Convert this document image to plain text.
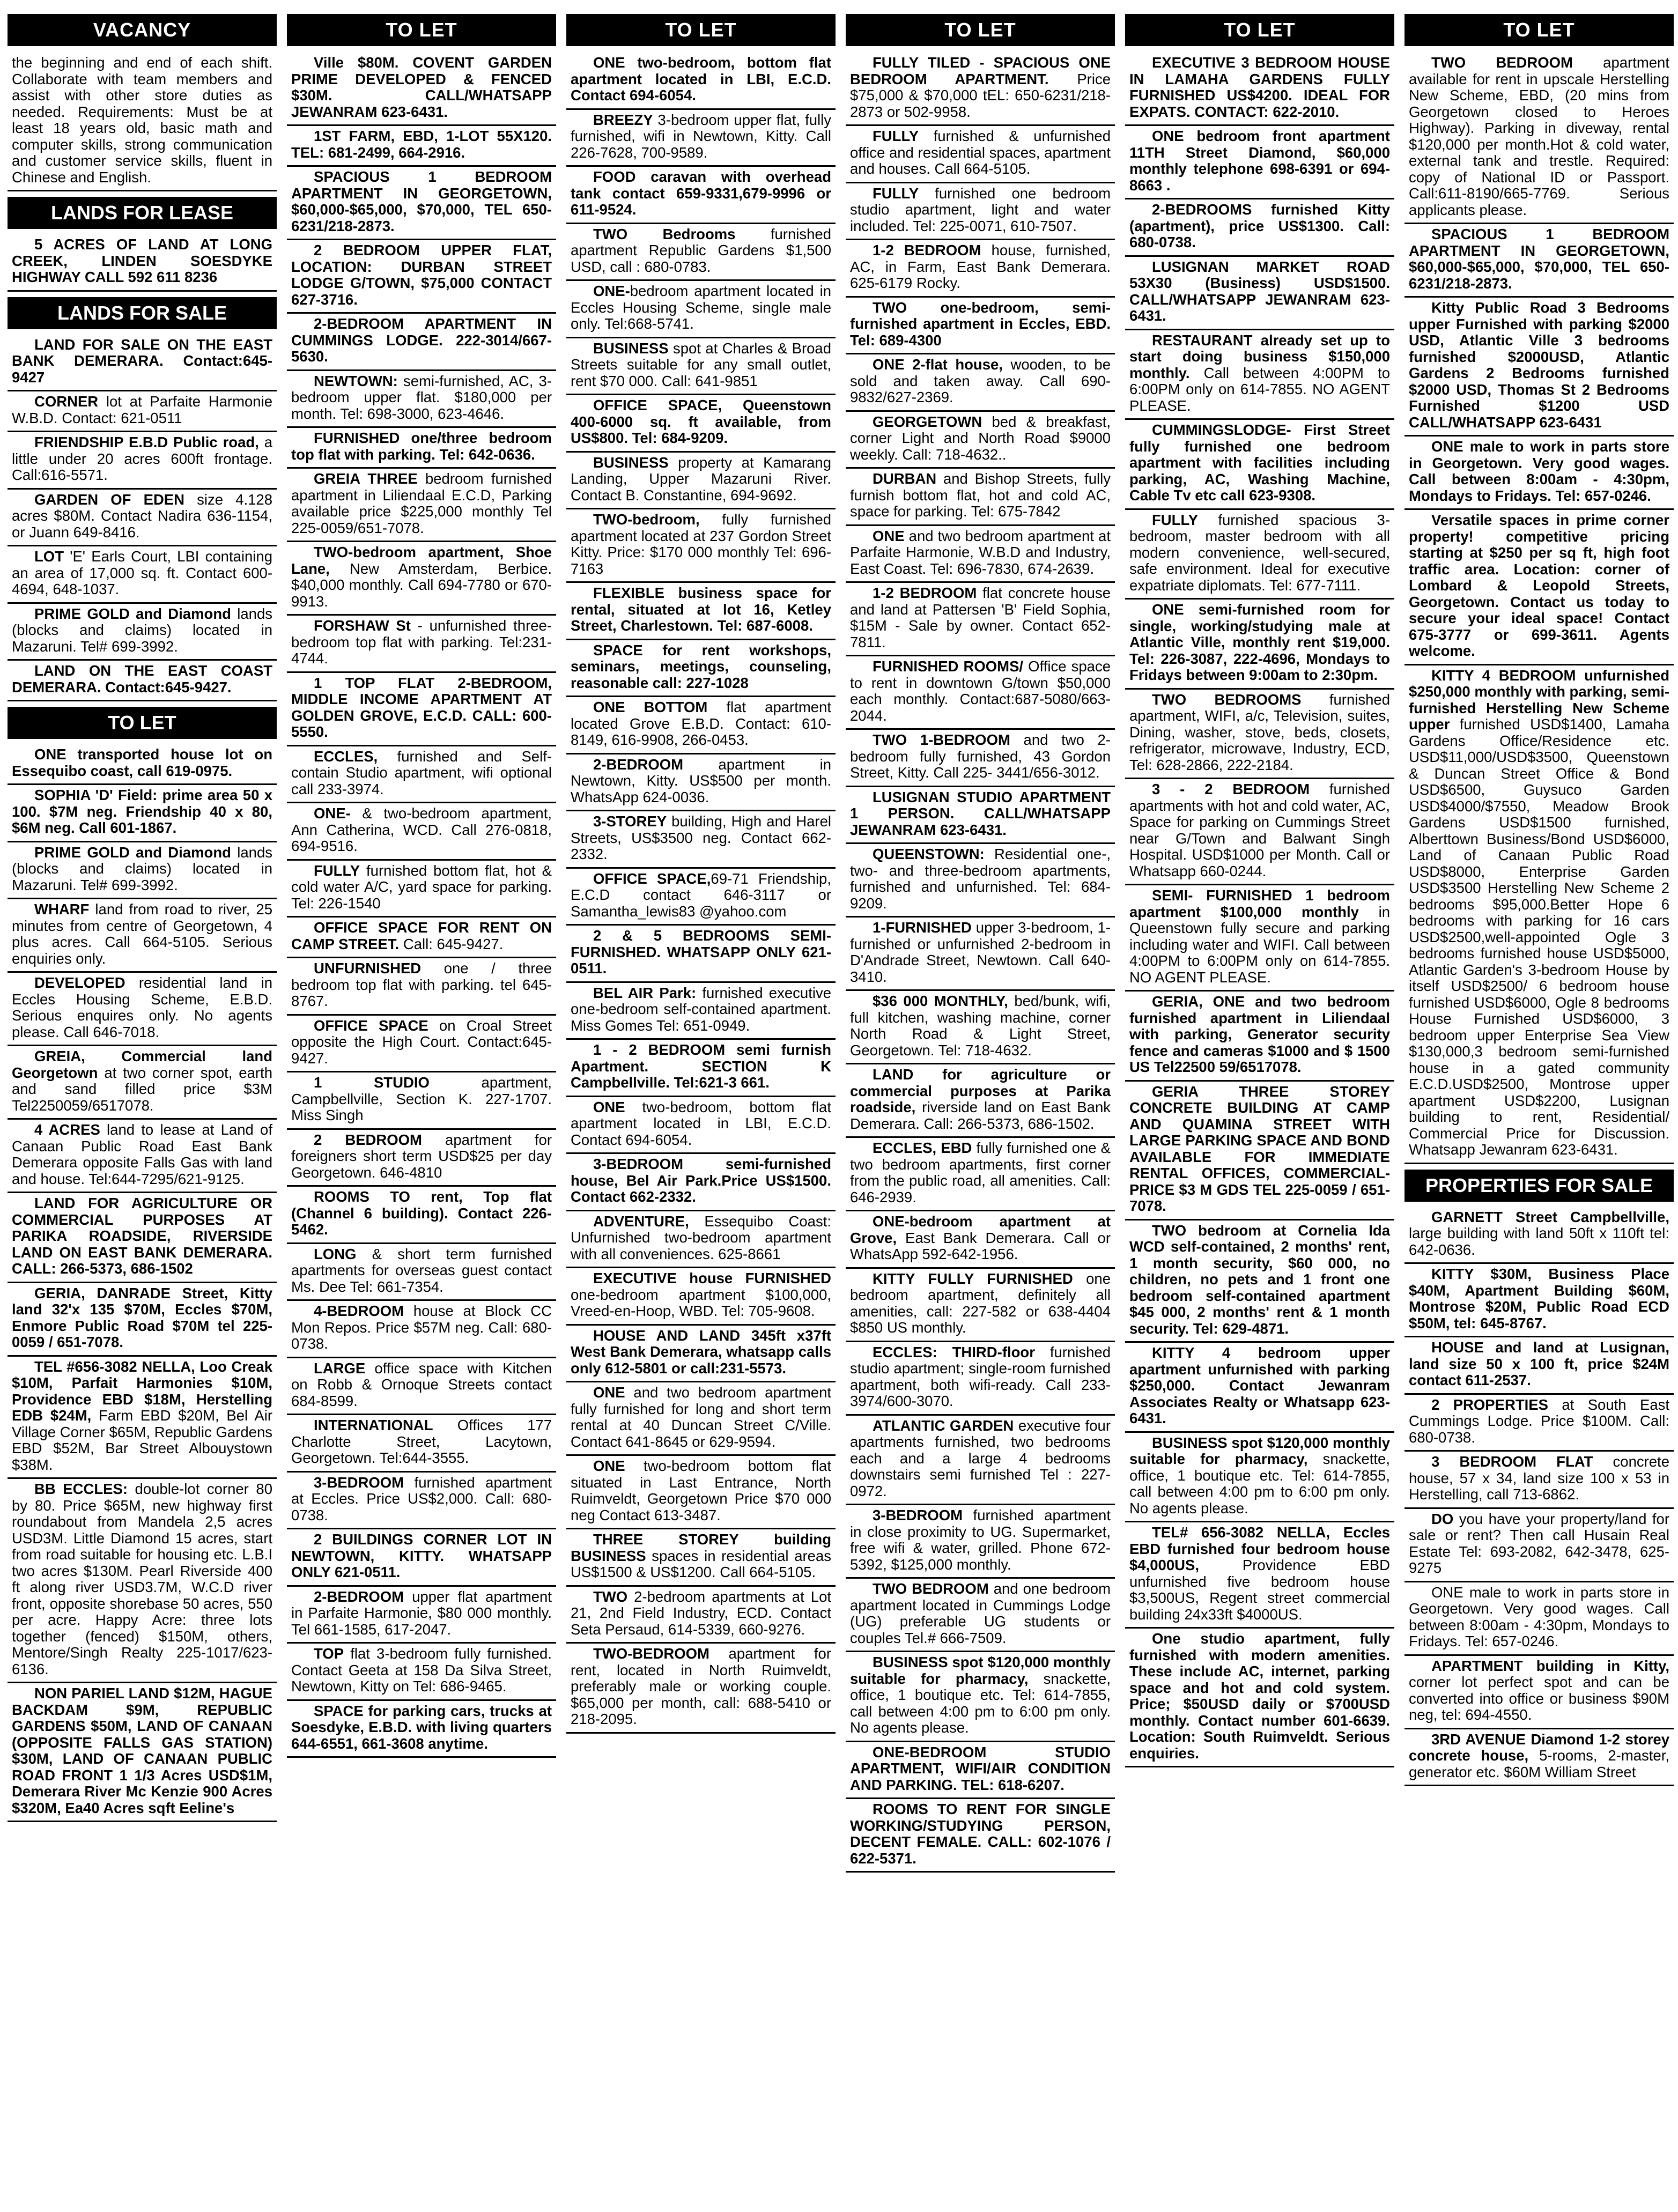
VACANCY
the beginning and end of each shift. Collaborate with team members and assist with other store duties as needed. Requirements: Must be at least 18 years old, basic math and computer skills, strong communication and customer service skills, fluent in Chinese and English.
LANDS FOR LEASE
5 ACRES OF LAND AT LONG CREEK, LINDEN SOESDYKE HIGHWAY CALL 592 611 8236
LANDS FOR SALE
LAND FOR SALE ON THE EAST BANK DEMERARA. Contact:645-9427
CORNER lot at Parfaite Harmonie W.B.D. Contact: 621-0511
FRIENDSHIP E.B.D Public road, a little under 20 acres 600ft frontage. Call:616-5571.
GARDEN OF EDEN size 4.128 acres $80M. Contact Nadira 636-1154, or Juann 649-8416.
LOT 'E' Earls Court, LBI containing an area of 17,000 sq. ft. Contact 600-4694, 648-1037.
PRIME GOLD and Diamond lands (blocks and claims) located in Mazaruni. Tel# 699-3992.
LAND ON THE EAST COAST DEMERARA. Contact:645-9427.
TO LET
ONE transported house lot on Essequibo coast, call 619-0975.
SOPHIA 'D' Field: prime area 50 x 100. $7M neg. Friendship 40 x 80, $6M neg. Call 601-1867.
PRIME GOLD and Diamond lands (blocks and claims) located in Mazaruni. Tel# 699-3992.
WHARF land from road to river, 25 minutes from centre of Georgetown, 4 plus acres. Call 664-5105. Serious enquiries only.
DEVELOPED residential land in Eccles Housing Scheme, E.B.D. Serious enquires only. No agents please. Call 646-7018.
GREIA, Commercial land Georgetown at two corner spot, earth and sand filled price $3M Tel2250059/6517078.
4 ACRES land to lease at Land of Canaan Public Road East Bank Demerara opposite Falls Gas with land and house. Tel:644-7295/621-9125.
LAND FOR AGRICULTURE OR COMMERCIAL PURPOSES AT PARIKA ROADSIDE, RIVERSIDE LAND ON EAST BANK DEMERARA. CALL: 266-5373, 686-1502
GERIA, DANRADE Street, Kitty land 32'x 135 $70M, Eccles $70M, Enmore Public Road $70M tel 225-0059 / 651-7078.
TEL #656-3082 NELLA, Loo Creak $10M, Parfait Harmonies $10M, Providence EBD $18M, Herstelling EDB $24M, Farm EBD $20M, Bel Air Village Corner $65M, Republic Gardens EBD $52M, Bar Street Albouystown $38M.
BB ECCLES: double-lot corner 80 by 80. Price $65M, new highway first roundabout from Mandela 2,5 acres USD3M. Little Diamond 15 acres, start from road suitable for housing etc. L.B.I two acres $130M. Pearl Riverside 400 ft along river USD3.7M, W.C.D river front, opposite shorebase 50 acres, 550 per acre. Happy Acre: three lots together (fenced) $150M, others, Mentore/Singh Realty 225-1017/623-6136.
NON PARIEL LAND $12M, HAGUE BACKDAM $9M, REPUBLIC GARDENS $50M, LAND OF CANAAN (OPPOSITE FALLS GAS STATION) $30M, LAND OF CANAAN PUBLIC ROAD FRONT 1 1/3 Acres USD$1M, Demerara River Mc Kenzie 900 Acres $320M, Ea40 Acres sqft Eeline's
TO LET
Ville $80M. COVENT GARDEN PRIME DEVELOPED & FENCED $30M. CALL/WHATSAPP JEWANRAM 623-6431.
1ST FARM, EBD, 1-LOT 55X120. TEL: 681-2499, 664-2916.
SPACIOUS 1 BEDROOM APARTMENT IN GEORGETOWN, $60,000-$65,000, $70,000, TEL 650-6231/218-2873.
2 BEDROOM UPPER FLAT, LOCATION: DURBAN STREET LODGE G/TOWN, $75,000 CONTACT 627-3716.
2-BEDROOM APARTMENT IN CUMMINGS LODGE. 222-3014/667-5630.
NEWTOWN: semi-furnished, AC, 3-bedroom upper flat. $180,000 per month. Tel: 698-3000, 623-4646.
FURNISHED one/three bedroom top flat with parking. Tel: 642-0636.
GREIA THREE bedroom furnished apartment in Liliendaal E.C.D, Parking available price $225,000 monthly Tel 225-0059/651-7078.
TWO-bedroom apartment, Shoe Lane, New Amsterdam, Berbice. $40,000 monthly. Call 694-7780 or 670-9913.
FORSHAW St - unfurnished three-bedroom top flat with parking. Tel:231-4744.
1 TOP FLAT 2-BEDROOM, MIDDLE INCOME APARTMENT AT GOLDEN GROVE, E.C.D. CALL: 600-5550.
ECCLES, furnished and Self-contain Studio apartment, wifi optional call 233-3974.
ONE- & two-bedroom apartment, Ann Catherina, WCD. Call 276-0818, 694-9516.
FULLY furnished bottom flat, hot & cold water A/C, yard space for parking. Tel: 226-1540
OFFICE SPACE FOR RENT ON CAMP STREET. Call: 645-9427.
UNFURNISHED one / three bedroom top flat with parking. tel 645-8767.
OFFICE SPACE on Croal Street opposite the High Court. Contact:645-9427.
1 STUDIO apartment, Campbellville, Section K. 227-1707. Miss Singh
2 BEDROOM apartment for foreigners short term USD$25 per day Georgetown. 646-4810
ROOMS TO rent, Top flat (Channel 6 building). Contact 226-5462.
LONG & short term furnished apartments for overseas guest contact Ms. Dee Tel: 661-7354.
4-BEDROOM house at Block CC Mon Repos. Price $57M neg. Call: 680-0738.
LARGE office space with Kitchen on Robb & Ornoque Streets contact 684-8599.
INTERNATIONAL Offices 177 Charlotte Street, Lacytown, Georgetown. Tel:644-3555.
3-BEDROOM furnished apartment at Eccles. Price US$2,000. Call: 680-0738.
2 BUILDINGS CORNER LOT IN NEWTOWN, KITTY. WHATSAPP ONLY 621-0511.
2-BEDROOM upper flat apartment in Parfaite Harmonie, $80 000 monthly. Tel 661-1585, 617-2047.
TOP flat 3-bedroom fully furnished. Contact Geeta at 158 Da Silva Street, Newtown, Kitty on Tel: 686-9465.
SPACE for parking cars, trucks at Soesdyke, E.B.D. with living quarters 644-6551, 661-3608 anytime.
TO LET
ONE two-bedroom, bottom flat apartment located in LBI, E.C.D. Contact 694-6054.
BREEZY 3-bedroom upper flat, fully furnished, wifi in Newtown, Kitty. Call 226-7628, 700-9589.
FOOD caravan with overhead tank contact 659-9331,679-9996 or 611-9524.
TWO Bedrooms furnished apartment Republic Gardens $1,500 USD, call : 680-0783.
ONE-bedroom apartment located in Eccles Housing Scheme, single male only. Tel:668-5741.
BUSINESS spot at Charles & Broad Streets suitable for any small outlet, rent $70 000. Call: 641-9851
OFFICE SPACE, Queenstown 400-6000 sq. ft available, from US$800. Tel: 684-9209.
BUSINESS property at Kamarang Landing, Upper Mazaruni River. Contact B. Constantine, 694-9692.
TWO-bedroom, fully furnished apartment located at 237 Gordon Street Kitty. Price: $170 000 monthly Tel: 696-7163
FLEXIBLE business space for rental, situated at lot 16, Ketley Street, Charlestown. Tel: 687-6008.
SPACE for rent workshops, seminars, meetings, counseling, reasonable call: 227-1028
ONE BOTTOM flat apartment located Grove E.B.D. Contact: 610-8149, 616-9908, 266-0453.
2-BEDROOM apartment in Newtown, Kitty. US$500 per month. WhatsApp 624-0036.
3-STOREY building, High and Harel Streets, US$3500 neg. Contact 662-2332.
OFFICE SPACE,69-71 Friendship, E.C.D contact 646-3117 or Samantha_lewis83 @yahoo.com
2 & 5 BEDROOMS SEMI-FURNISHED. WHATSAPP ONLY 621-0511.
BEL AIR Park: furnished executive one-bedroom self-contained apartment. Miss Gomes Tel: 651-0949.
1 - 2 BEDROOM semi furnish Apartment. SECTION K Campbellville. Tel:621-3 661.
ONE two-bedroom, bottom flat apartment located in LBI, E.C.D. Contact 694-6054.
3-BEDROOM semi-furnished house, Bel Air Park.Price US$1500. Contact 662-2332.
ADVENTURE, Essequibo Coast: Unfurnished two-bedroom apartment with all conveniences. 625-8661
EXECUTIVE house FURNISHED one-bedroom apartment $100,000, Vreed-en-Hoop, WBD. Tel: 705-9608.
HOUSE AND LAND 345ft x37ft West Bank Demerara, whatsapp calls only 612-5801 or call:231-5573.
ONE and two bedroom apartment fully furnished for long and short term rental at 40 Duncan Street C/Ville. Contact 641-8645 or 629-9594.
ONE two-bedroom bottom flat situated in Last Entrance, North Ruimveldt, Georgetown Price $70 000 neg Contact 613-3487.
THREE STOREY building BUSINESS spaces in residential areas US$1500 & US$1200. Call 664-5105.
TWO 2-bedroom apartments at Lot 21, 2nd Field Industry, ECD. Contact Seta Persaud, 614-5339, 660-9276.
TWO-BEDROOM apartment for rent, located in North Ruimveldt, preferably male or working couple. $65,000 per month, call: 688-5410 or 218-2095.
TO LET
FULLY TILED - SPACIOUS ONE BEDROOM APARTMENT. Price $75,000 & $70,000 tEL: 650-6231/218-2873 or 502-9958.
FULLY furnished & unfurnished office and residential spaces, apartment and houses. Call 664-5105.
FULLY furnished one bedroom studio apartment, light and water included. Tel: 225-0071, 610-7507.
1-2 BEDROOM house, furnished, AC, in Farm, East Bank Demerara. 625-6179 Rocky.
TWO one-bedroom, semi-furnished apartment in Eccles, EBD. Tel: 689-4300
ONE 2-flat house, wooden, to be sold and taken away. Call 690-9832/627-2369.
GEORGETOWN bed & breakfast, corner Light and North Road $9000 weekly. Call: 718-4632..
DURBAN and Bishop Streets, fully furnish bottom flat, hot and cold AC, space for parking. Tel: 675-7842
ONE and two bedroom apartment at Parfaite Harmonie, W.B.D and Industry, East Coast. Tel: 696-7830, 674-2639.
1-2 BEDROOM flat concrete house and land at Pattersen 'B' Field Sophia, $15M - Sale by owner. Contact 652-7811.
FURNISHED ROOMS/ Office space to rent in downtown G/town $50,000 each monthly. Contact:687-5080/663-2044.
TWO 1-BEDROOM and two 2-bedroom fully furnished, 43 Gordon Street, Kitty. Call 225- 3441/656-3012.
LUSIGNAN STUDIO APARTMENT 1 PERSON. CALL/WHATSAPP JEWANRAM 623-6431.
QUEENSTOWN: Residential one-, two- and three-bedroom apartments, furnished and unfurnished. Tel: 684-9209.
1-FURNISHED upper 3-bedroom, 1-furnished or unfurnished 2-bedroom in D'Andrade Street, Newtown. Call 640-3410.
$36 000 MONTHLY, bed/bunk, wifi, full kitchen, washing machine, corner North Road & Light Street, Georgetown. Tel: 718-4632.
LAND for agriculture or commercial purposes at Parika roadside, riverside land on East Bank Demerara. Call: 266-5373, 686-1502.
ECCLES, EBD fully furnished one & two bedroom apartments, first corner from the public road, all amenities. Call: 646-2939.
ONE-bedroom apartment at Grove, East Bank Demerara. Call or WhatsApp 592-642-1956.
KITTY FULLY FURNISHED one bedroom apartment, definitely all amenities, call: 227-582 or 638-4404 $850 US monthly.
ECCLES: THIRD-floor furnished studio apartment; single-room furnished apartment, both wifi-ready. Call 233-3974/600-3070.
ATLANTIC GARDEN executive four apartments furnished, two bedrooms each and a large 4 bedrooms downstairs semi furnished Tel : 227-0972.
3-BEDROOM furnished apartment in close proximity to UG. Supermarket, free wifi & water, grilled. Phone 672-5392, $125,000 monthly.
TWO BEDROOM and one bedroom apartment located in Cummings Lodge (UG) preferable UG students or couples Tel.# 666-7509.
BUSINESS spot $120,000 monthly suitable for pharmacy, snackette, office, 1 boutique etc. Tel: 614-7855, call between 4:00 pm to 6:00 pm only. No agents please.
ONE-BEDROOM STUDIO APARTMENT, WIFI/AIR CONDITION AND PARKING. TEL: 618-6207.
ROOMS TO RENT FOR SINGLE WORKING/STUDYING PERSON, DECENT FEMALE. CALL: 602-1076 / 622-5371.
TO LET
EXECUTIVE 3 BEDROOM HOUSE IN LAMAHA GARDENS FULLY FURNISHED US$4200. IDEAL FOR EXPATS. CONTACT: 622-2010.
ONE bedroom front apartment 11TH Street Diamond, $60,000 monthly telephone 698-6391 or 694-8663 .
2-BEDROOMS furnished Kitty (apartment), price US$1300. Call: 680-0738.
LUSIGNAN MARKET ROAD 53X30 (Business) USD$1500. CALL/WHATSAPP JEWANRAM 623-6431.
RESTAURANT already set up to start doing business $150,000 monthly. Call between 4:00PM to 6:00PM only on 614-7855. NO AGENT PLEASE.
CUMMINGSLODGE- First Street fully furnished one bedroom apartment with facilities including parking, AC, Washing Machine, Cable Tv etc call 623-9308.
FULLY furnished spacious 3-bedroom, master bedroom with all modern convenience, well-secured, safe environment. Ideal for executive expatriate diplomats. Tel: 677-7111.
ONE semi-furnished room for single, working/studying male at Atlantic Ville, monthly rent $19,000. Tel: 226-3087, 222-4696, Mondays to Fridays between 9:00am to 2:30pm.
TWO BEDROOMS furnished apartment, WIFI, a/c, Television, suites, Dining, washer, stove, beds, closets, refrigerator, microwave, Industry, ECD, Tel: 628-2866, 222-2184.
3 - 2 BEDROOM furnished apartments with hot and cold water, AC, Space for parking on Cummings Street near G/Town and Balwant Singh Hospital. USD$1000 per Month. Call or Whatsapp 660-0244.
SEMI- FURNISHED 1 bedroom apartment $100,000 monthly in Queenstown fully secure and parking including water and WIFI. Call between 4:00PM to 6:00PM only on 614-7855. NO AGENT PLEASE.
GERIA, ONE and two bedroom furnished apartment in Liliendaal with parking, Generator security fence and cameras $1000 and $ 1500 US Tel22500 59/6517078.
GERIA THREE STOREY CONCRETE BUILDING AT CAMP AND QUAMINA STREET WITH LARGE PARKING SPACE AND BOND AVAILABLE FOR IMMEDIATE RENTAL OFFICES, COMMERCIAL-PRICE $3 M GDS TEL 225-0059 / 651-7078.
TWO bedroom at Cornelia Ida WCD self-contained, 2 months' rent, 1 month security, $60 000, no children, no pets and 1 front one bedroom self-contained apartment $45 000, 2 months' rent & 1 month security. Tel: 629-4871.
KITTY 4 bedroom upper apartment unfurnished with parking $250,000. Contact Jewanram Associates Realty or Whatsapp 623-6431.
BUSINESS spot $120,000 monthly suitable for pharmacy, snackette, office, 1 boutique etc. Tel: 614-7855, call between 4:00 pm to 6:00 pm only. No agents please.
TEL# 656-3082 NELLA, Eccles EBD furnished four bedroom house $4,000US, Providence EBD unfurnished five bedroom house $3,500US, Regent street commercial building 24x33ft $4000US.
One studio apartment, fully furnished with modern amenities. These include AC, internet, parking space and hot and cold system. Price; $50USD daily or $700USD monthly. Contact number 601-6639. Location: South Ruimveldt. Serious enquiries.
TO LET
TWO BEDROOM apartment available for rent in upscale Herstelling New Scheme, EBD, (20 mins from Georgetown closed to Heroes Highway). Parking in diveway, rental $120,000 per month.Hot & cold water, external tank and trestle. Required: copy of National ID or Passport. Call:611-8190/665-7769. Serious applicants please.
SPACIOUS 1 BEDROOM APARTMENT IN GEORGETOWN, $60,000-$65,000, $70,000, TEL 650-6231/218-2873.
Kitty Public Road 3 Bedrooms upper Furnished with parking $2000 USD, Atlantic Ville 3 bedrooms furnished $2000USD, Atlantic Gardens 2 Bedrooms furnished $2000 USD, Thomas St 2 Bedrooms Furnished $1200 USD CALL/WHATSAPP 623-6431
ONE male to work in parts store in Georgetown. Very good wages. Call between 8:00am - 4:30pm, Mondays to Fridays. Tel: 657-0246.
Versatile spaces in prime corner property! competitive pricing starting at $250 per sq ft, high foot traffic area. Location: corner of Lombard & Leopold Streets, Georgetown. Contact us today to secure your ideal space! Contact 675-3777 or 699-3611. Agents welcome.
KITTY 4 BEDROOM unfurnished $250,000 monthly with parking, semi-furnished Herstelling New Scheme upper furnished USD$1400, Lamaha Gardens Office/Residence etc. USD$11,000/USD$3500, Queenstown & Duncan Street Office & Bond USD$6500, Guysuco Garden USD$4000/$7550, Meadow Brook Gardens USD$1500 furnished, Alberttown Business/Bond USD$6000, Land of Canaan Public Road USD$8000, Enterprise Garden USD$3500 Herstelling New Scheme 2 bedrooms $95,000.Better Hope 6 bedrooms with parking for 16 cars USD$2500,well-appointed Ogle 3 bedrooms furnished house USD$5000, Atlantic Garden's 3-bedroom House by itself USD$2500/ 6 bedroom house furnished USD$6000, Ogle 8 bedrooms House Furnished USD$6000, 3 bedroom upper Enterprise Sea View $130,000,3 bedroom semi-furnished house in a gated community E.C.D.USD$2500, Montrose upper apartment USD$2200, Lusignan building to rent, Residential/ Commercial Price for Discussion. Whatsapp Jewanram 623-6431.
PROPERTIES FOR SALE
GARNETT Street Campbellville, large building with land 50ft x 110ft tel: 642-0636.
KITTY $30M, Business Place $40M, Apartment Building $60M, Montrose $20M, Public Road ECD $50M, tel: 645-8767.
HOUSE and land at Lusignan, land size 50 x 100 ft, price $24M contact 611-2537.
2 PROPERTIES at South East Cummings Lodge. Price $100M. Call: 680-0738.
3 BEDROOM FLAT concrete house, 57 x 34, land size 100 x 53 in Herstelling, call 713-6862.
DO you have your property/land for sale or rent? Then call Husain Real Estate Tel: 693-2082, 642-3478, 625-9275
ONE male to work in parts store in Georgetown. Very good wages. Call between 8:00am - 4:30pm, Mondays to Fridays. Tel: 657-0246.
APARTMENT building in Kitty, corner lot perfect spot and can be converted into office or business $90M neg, tel: 694-4550.
3RD AVENUE Diamond 1-2 storey concrete house, 5-rooms, 2-master, generator etc. $60M William Street
